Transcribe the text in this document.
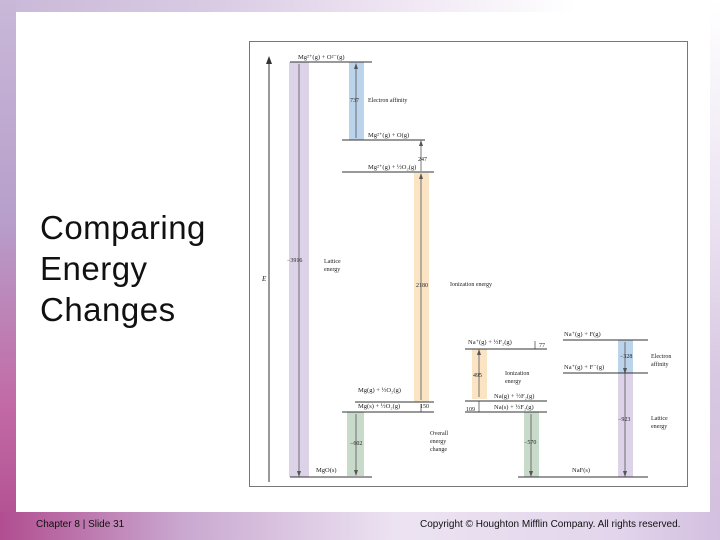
Comparing
Energy
Changes
E
Mg²⁺(g) + O²⁻(g)
737 Electron affinity
Mg²⁺(g) + O(g)
247
Mg²⁺(g) + ½O₂(g)
−3916	Lattice
energy
2180	Ionization energy
Mg(g) + ½O₂(g)
Mg(s) + ½O₂(g)	150
−602
MgO(s)
Overall
energy
change
Na⁺(g) + F(g)
Na⁺(g) + ½F₂(g)	77
−328	Electron
affinity
Na⁺(g) + F⁻(g)
495	Ionization
energy
Na(g) + ½F₂(g)
109	Na(s) + ½F₂(g)
−923	Lattice
energy
−570
NaF(s)
Chapter 8 | Slide 31	Copyright © Houghton Mifflin Company. All rights reserved.
